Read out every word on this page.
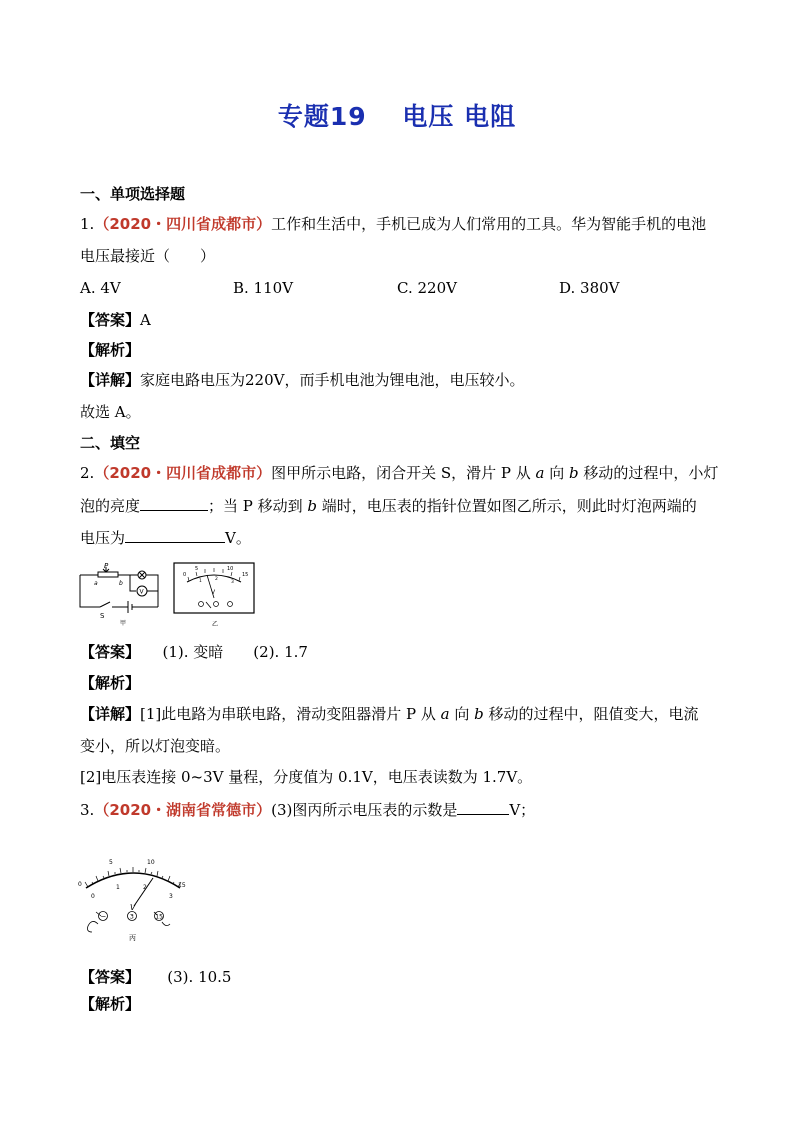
专题19　 电压 电阻
一、单项选择题
1.（2020・四川省成都市）工作和生活中，手机已成为人们常用的工具。华为智能手机的电池
电压最接近（　　）
A. 4V	B. 110V	C. 220V	D. 380V
【答案】A
【解析】
【详解】家庭电路电压为220V，而手机电池为锂电池，电压较小。
故选 A。
二、填空
2.（2020・四川省成都市）图甲所示电路，闭合开关 S，滑片 P 从 a 向 b 移动的过程中，小灯
泡的亮度	；当 P 移动到 b 端时，电压表的指针位置如图乙所示，则此时灯泡两端的
电压为	V。
P
a	b
V
S
甲
0
5	10
15
1	2
3
V
乙
【答案】　　(1). 变暗　　(2). 1.7
【解析】
【详解】[1]此电路为串联电路，滑动变阻器滑片 P 从 a 向 b 移动的过程中，阻值变大，电流
变小，所以灯泡变暗。
[2]电压表连接 0~3V 量程，分度值为 0.1V，电压表读数为 1.7V。
3.（2020・湖南省常德市）(3)图丙所示电压表的示数是	V；
0
5	10
15
0
1	2
3
V
−	3	15
丙
【答案】　　 (3). 10.5
【解析】
